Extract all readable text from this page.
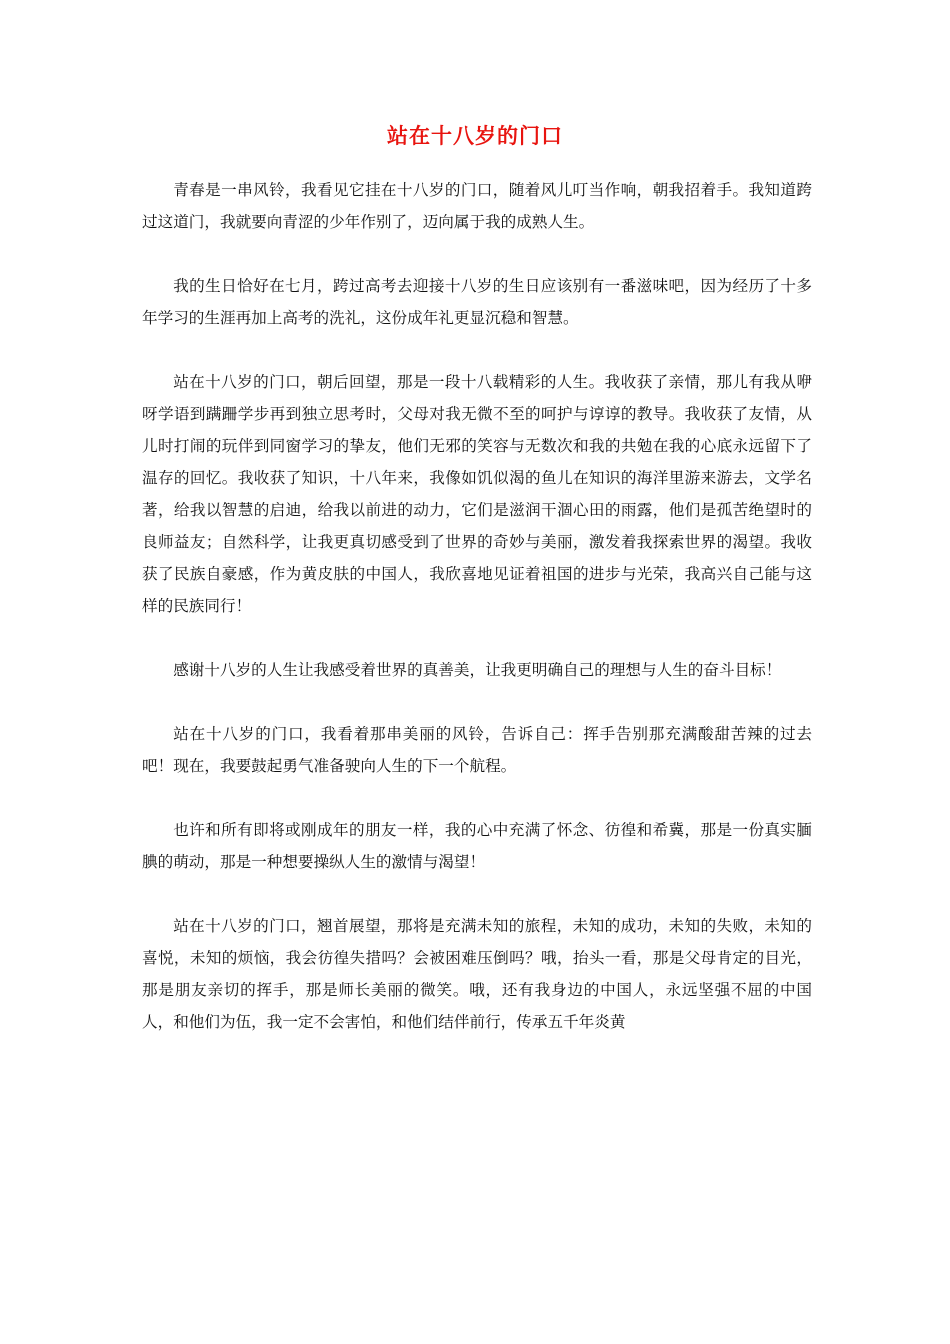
站在十八岁的门口

青春是一串风铃，我看见它挂在十八岁的门口，随着风儿叮当作响，朝我招着手。我知道跨过这道门，我就要向青涩的少年作别了，迈向属于我的成熟人生。

我的生日恰好在七月，跨过高考去迎接十八岁的生日应该别有一番滋味吧，因为经历了十多年学习的生涯再加上高考的洗礼，这份成年礼更显沉稳和智慧。

站在十八岁的门口，朝后回望，那是一段十八载精彩的人生。我收获了亲情，那儿有我从咿呀学语到蹒跚学步再到独立思考时，父母对我无微不至的呵护与谆谆的教导。我收获了友情，从儿时打闹的玩伴到同窗学习的挚友，他们无邪的笑容与无数次和我的共勉在我的心底永远留下了温存的回忆。我收获了知识，十八年来，我像如饥似渴的鱼儿在知识的海洋里游来游去，文学名著，给我以智慧的启迪，给我以前进的动力，它们是滋润干涸心田的雨露，他们是孤苦绝望时的良师益友；自然科学，让我更真切感受到了世界的奇妙与美丽，激发着我探索世界的渴望。我收获了民族自豪感，作为黄皮肤的中国人，我欣喜地见证着祖国的进步与光荣，我高兴自己能与这样的民族同行！

感谢十八岁的人生让我感受着世界的真善美，让我更明确自己的理想与人生的奋斗目标！

站在十八岁的门口，我看着那串美丽的风铃，告诉自己：挥手告别那充满酸甜苦辣的过去吧！现在，我要鼓起勇气准备驶向人生的下一个航程。

也许和所有即将或刚成年的朋友一样，我的心中充满了怀念、彷徨和希冀，那是一份真实腼腆的萌动，那是一种想要操纵人生的激情与渴望！

站在十八岁的门口，翘首展望，那将是充满未知的旅程，未知的成功，未知的失败，未知的喜悦，未知的烦恼，我会彷徨失措吗？会被困难压倒吗？哦，抬头一看，那是父母肯定的目光，那是朋友亲切的挥手，那是师长美丽的微笑。哦，还有我身边的中国人，永远坚强不屈的中国人，和他们为伍，我一定不会害怕，和他们结伴前行，传承五千年炎黄
